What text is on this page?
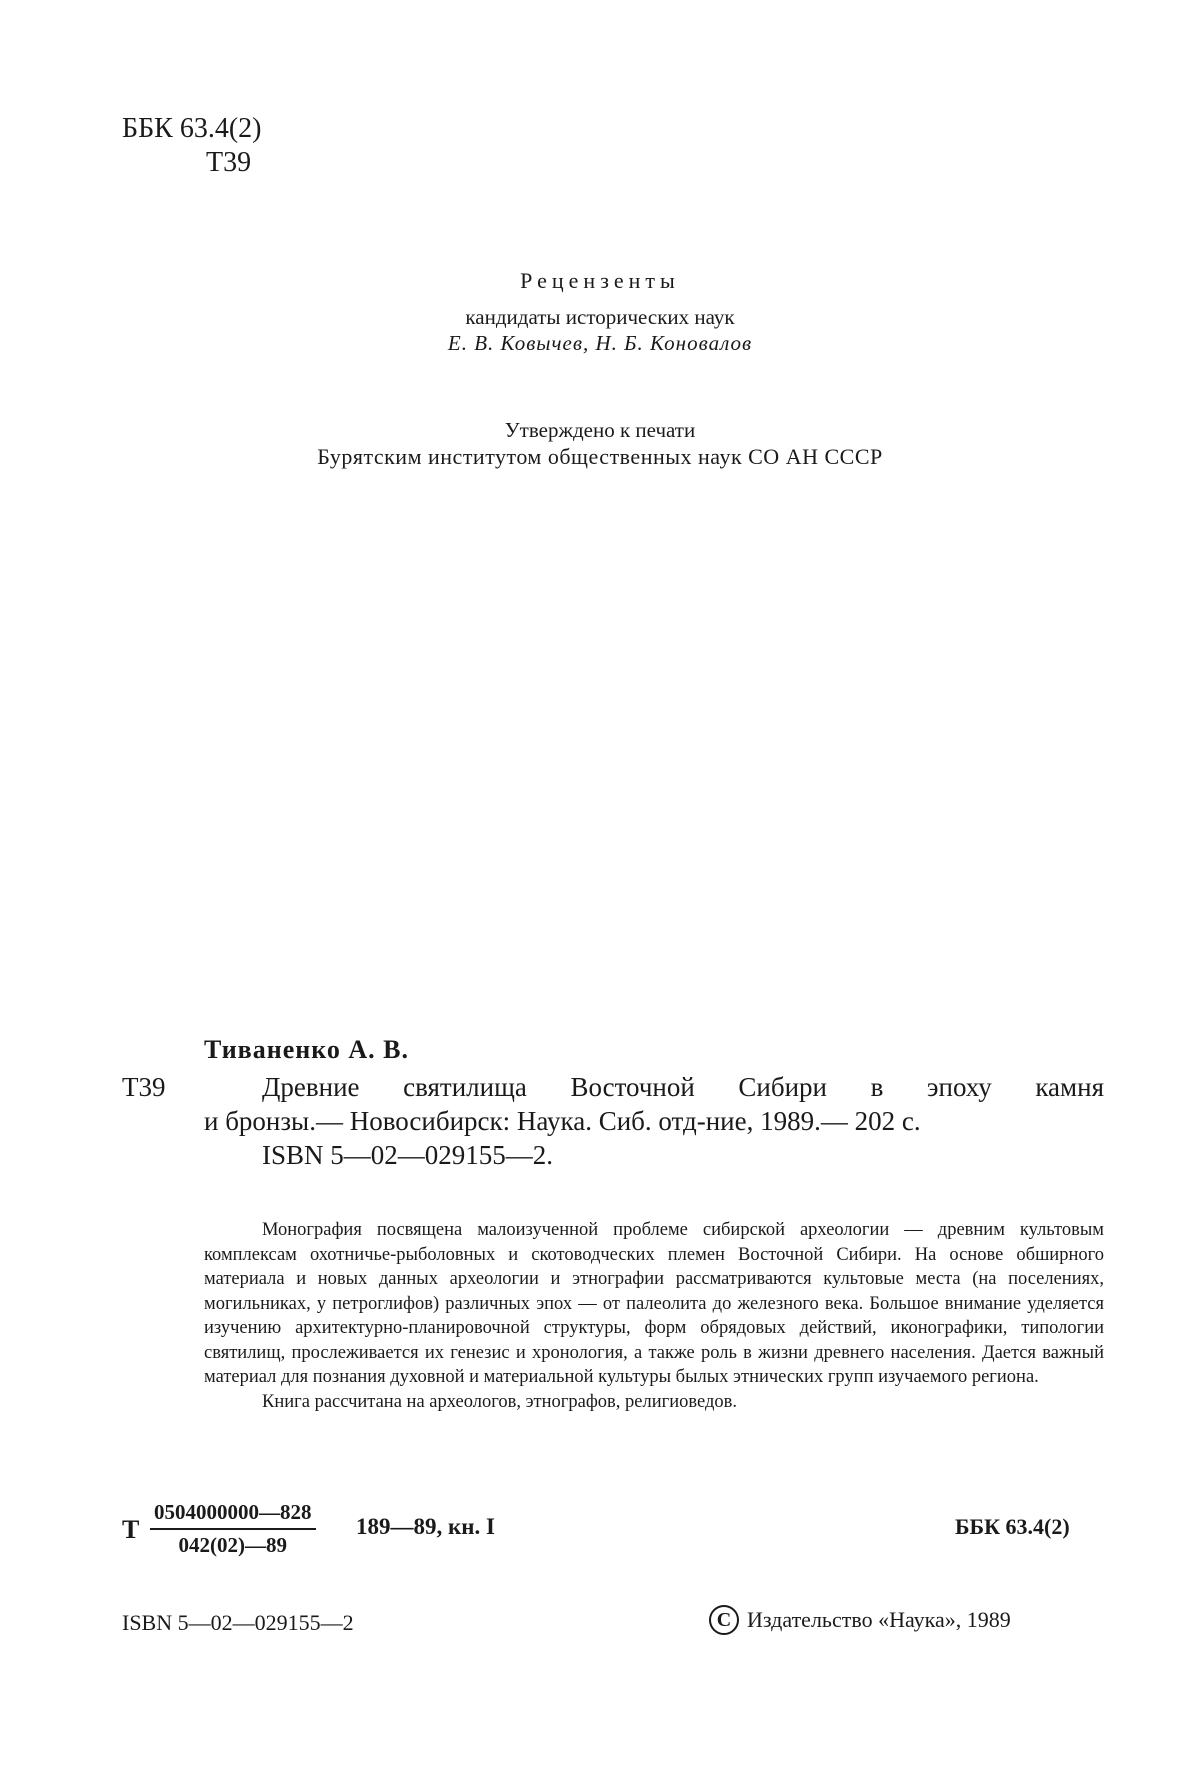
ББК 63.4(2)
Т39
Рецензенты
кандидаты исторических наук
Е. В. Ковычев, Н. Б. Коновалов
Утверждено к печати
Бурятским институтом общественных наук СО АН СССР
Тиваненко А. В.
Т39	Древние святилища Восточной Сибири в эпоху камня
и бронзы.— Новосибирск: Наука. Сиб. отд-ние, 1989.— 202 с.
ISBN 5—02—029155—2.

Монография посвящена малоизученной проблеме сибирской археологии — древним культовым комплексам охотничье-рыболовных и скотоводческих племен Восточной Сибири. На основе обширного материала и новых данных археологии и этнографии рассматриваются культовые места (на поселениях, могильниках, у петроглифов) различных эпох — от палеолита до железного века. Большое внимание уделяется изучению архитектурно-планировочной структуры, форм обрядовых действий, иконографики, типологии святилищ, прослеживается их генезис и хронология, а также роль в жизни древнего населения. Дается важный материал для познания духовной и материальной культуры былых этнических групп изучаемого региона.

Книга рассчитана на археологов, этнографов, религиоведов.

Т $\frac{0504000000—828}{042(02)—89}$ 189—89, кн. I	ББК 63.4(2)
ISBN 5—02—029155—2	C Издательство «Наука», 1989
